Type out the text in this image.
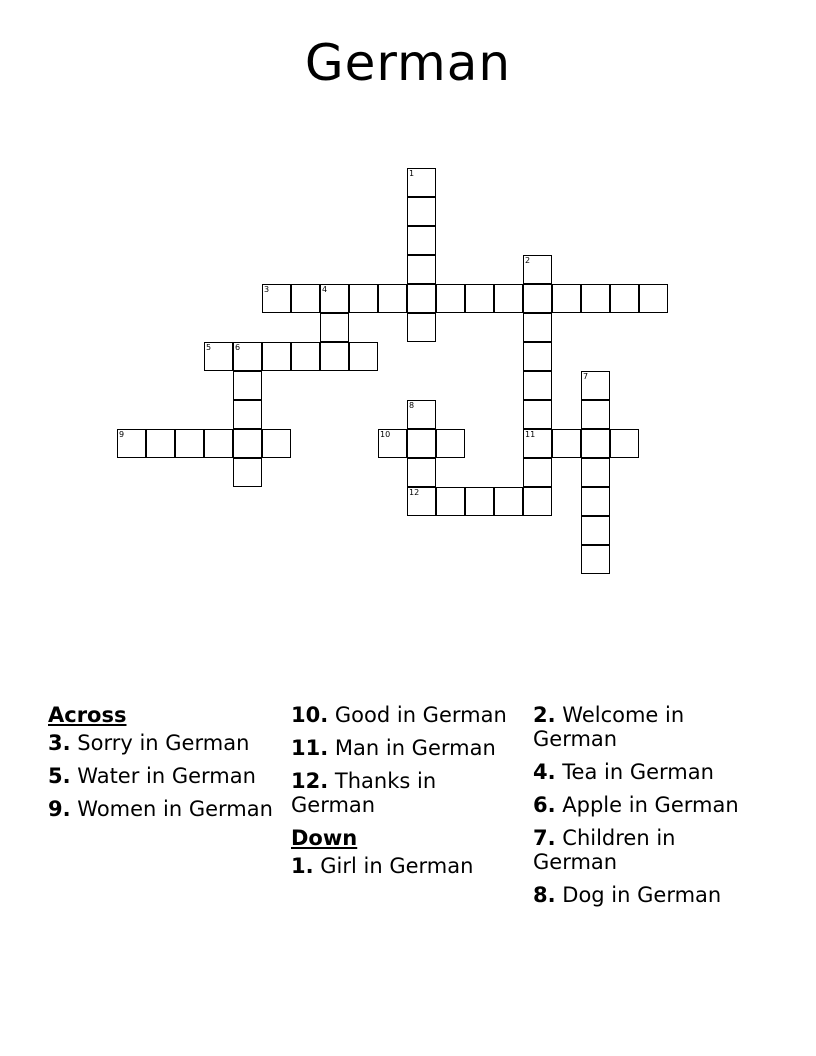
German
1
2
3	4
5	6
7
8
9	10	11
12
Across
3. Sorry in German
5. Water in German
9. Women in German
10. Good in German
11. Man in German
12. Thanks in German
Down
1. Girl in German
2. Welcome in German
4. Tea in German
6. Apple in German
7. Children in German
8. Dog in German
